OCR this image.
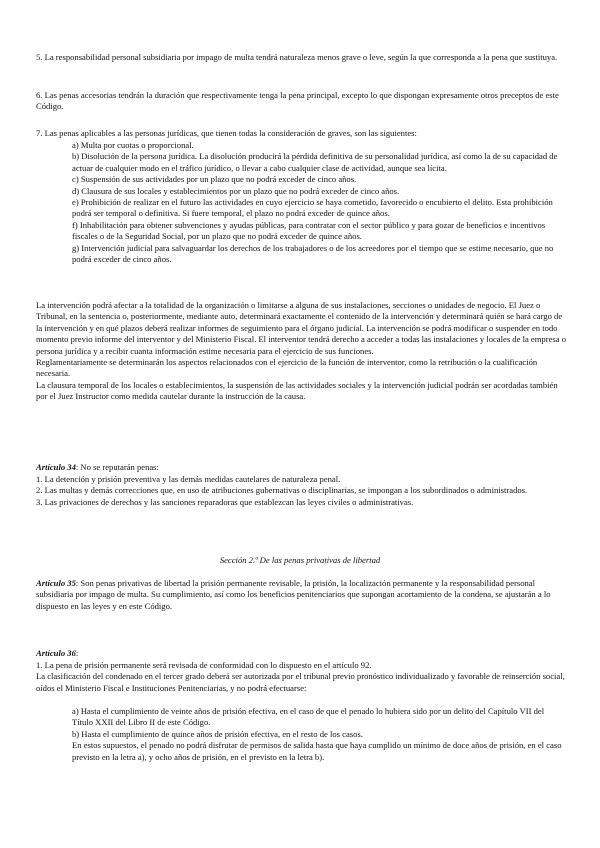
5. La responsabilidad personal subsidiaria por impago de multa tendrá naturaleza menos grave o leve, según la que corresponda a la pena que sustituya.

6. Las penas accesorias tendrán la duración que respectivamente tenga la pena principal, excepto lo que dispongan expresamente otros preceptos de este Código.

7. Las penas aplicables a las personas jurídicas, que tienen todas la consideración de graves, son las siguientes:

a) Multa por cuotas o proporcional.
b) Disolución de la persona jurídica. La disolución producirá la pérdida definitiva de su personalidad jurídica, así como la de su capacidad de actuar de cualquier modo en el tráfico jurídico, o llevar a cabo cualquier clase de actividad, aunque sea lícita.
c) Suspensión de sus actividades por un plazo que no podrá exceder de cinco años.
d) Clausura de sus locales y establecimientos por un plazo que no podrá exceder de cinco años.
e) Prohibición de realizar en el futuro las actividades en cuyo ejercicio se haya cometido, favorecido o encubierto el delito. Esta prohibición podrá ser temporal o definitiva. Si fuere temporal, el plazo no podrá exceder de quince años.
f) Inhabilitación para obtener subvenciones y ayudas públicas, para contratar con el sector público y para gozar de beneficios e incentivos fiscales o de la Seguridad Social, por un plazo que no podrá exceder de quince años.
g) Intervención judicial para salvaguardar los derechos de los trabajadores o de los acreedores por el tiempo que se estime necesario, que no podrá exceder de cinco años.
La intervención podrá afectar a la totalidad de la organización o limitarse a alguna de sus instalaciones, secciones o unidades de negocio. El Juez o Tribunal, en la sentencia o, posteriormente, mediante auto, determinará exactamente el contenido de la intervención y determinará quién se hará cargo de la intervención y en qué plazos deberá realizar informes de seguimiento para el órgano judicial. La intervención se podrá modificar o suspender en todo momento previo informe del interventor y del Ministerio Fiscal. El interventor tendrá derecho a acceder a todas las instalaciones y locales de la empresa o persona jurídica y a recibir cuanta información estime necesaria para el ejercicio de sus funciones.
Reglamentariamente se determinarán los aspectos relacionados con el ejercicio de la función de interventor, como la retribución o la cualificación necesaria.
La clausura temporal de los locales o establecimientos, la suspensión de las actividades sociales y la intervención judicial podrán ser acordadas también por el Juez Instructor como medida cautelar durante la instrucción de la causa.

Artículo 34: No se reputarán penas:

1. La detención y prisión preventiva y las demás medidas cautelares de naturaleza penal.
2. Las multas y demás correcciones que, en uso de atribuciones gubernativas o disciplinarias, se impongan a los subordinados o administrados.
3. Las privaciones de derechos y las sanciones reparadoras que establezcan las leyes civiles o administrativas.

Sección 2.ª De las penas privativas de libertad

Artículo 35: Son penas privativas de libertad la prisión permanente revisable, la prisión, la localización permanente y la responsabilidad personal subsidiaria por impago de multa. Su cumplimiento, así como los beneficios penitenciarios que supongan acortamiento de la condena, se ajustarán a lo dispuesto en las leyes y en este Código.

Artículo 36:

1. La pena de prisión permanente será revisada de conformidad con lo dispuesto en el artículo 92.
La clasificación del condenado en el tercer grado deberá ser autorizada por el tribunal previo pronóstico individualizado y favorable de reinserción social, oídos el Ministerio Fiscal e Instituciones Penitenciarias, y no podrá efectuarse:
a) Hasta el cumplimiento de veinte años de prisión efectiva, en el caso de que el penado lo hubiera sido por un delito del Capítulo VII del Título XXII del Libro II de este Código.
b) Hasta el cumplimiento de quince años de prisión efectiva, en el resto de los casos.
En estos supuestos, el penado no podrá disfrutar de permisos de salida hasta que haya cumplido un mínimo de doce años de prisión, en el caso previsto en la letra a), y ocho años de prisión, en el previsto en la letra b).
